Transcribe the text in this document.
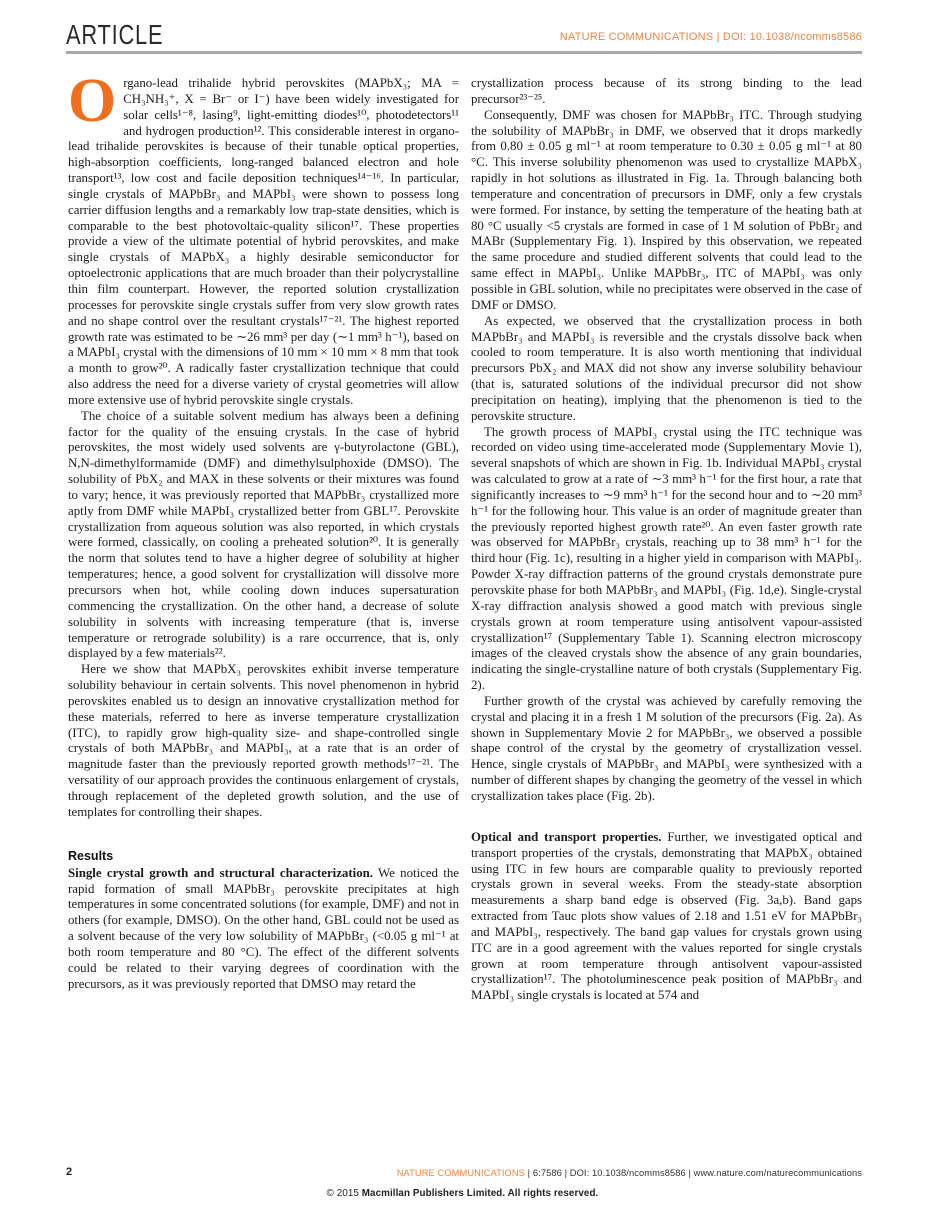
ARTICLE	NATURE COMMUNICATIONS | DOI: 10.1038/ncomms8586

Organo-lead trihalide hybrid perovskites (MAPbX₃; MA = CH₃NH₃⁺, X = Br⁻ or I⁻) have been widely investigated for solar cells¹⁻⁸, lasing⁹, light-emitting diodes¹⁰, photodetectors¹¹ and hydrogen production¹². This considerable interest in organo-lead trihalide perovskites is because of their tunable optical properties, high-absorption coefficients, long-ranged balanced electron and hole transport¹³, low cost and facile deposition techniques¹⁴⁻¹⁶. In particular, single crystals of MAPbBr₃ and MAPbI₃ were shown to possess long carrier diffusion lengths and a remarkably low trap-state densities, which is comparable to the best photovoltaic-quality silicon¹⁷. These properties provide a view of the ultimate potential of hybrid perovskites, and make single crystals of MAPbX₃ a highly desirable semiconductor for optoelectronic applications that are much broader than their polycrystalline thin film counterpart. However, the reported solution crystallization processes for perovskite single crystals suffer from very slow growth rates and no shape control over the resultant crystals¹⁷⁻²¹. The highest reported growth rate was estimated to be ∼26 mm³ per day (∼1 mm³ h⁻¹), based on a MAPbI₃ crystal with the dimensions of 10 mm × 10 mm × 8 mm that took a month to grow²⁰. A radically faster crystallization technique that could also address the need for a diverse variety of crystal geometries will allow more extensive use of hybrid perovskite single crystals.

The choice of a suitable solvent medium has always been a defining factor for the quality of the ensuing crystals. In the case of hybrid perovskites, the most widely used solvents are γ-butyrolactone (GBL), N,N-dimethylformamide (DMF) and dimethylsulphoxide (DMSO). The solubility of PbX₂ and MAX in these solvents or their mixtures was found to vary; hence, it was previously reported that MAPbBr₃ crystallized more aptly from DMF while MAPbI₃ crystallized better from GBL¹⁷. Perovskite crystallization from aqueous solution was also reported, in which crystals were formed, classically, on cooling a preheated solution²⁰. It is generally the norm that solutes tend to have a higher degree of solubility at higher temperatures; hence, a good solvent for crystallization will dissolve more precursors when hot, while cooling down induces supersaturation commencing the crystallization. On the other hand, a decrease of solute solubility in solvents with increasing temperature (that is, inverse temperature or retrograde solubility) is a rare occurrence, that is, only displayed by a few materials²².

Here we show that MAPbX₃ perovskites exhibit inverse temperature solubility behaviour in certain solvents. This novel phenomenon in hybrid perovskites enabled us to design an innovative crystallization method for these materials, referred to here as inverse temperature crystallization (ITC), to rapidly grow high-quality size- and shape-controlled single crystals of both MAPbBr₃ and MAPbI₃, at a rate that is an order of magnitude faster than the previously reported growth methods¹⁷⁻²¹. The versatility of our approach provides the continuous enlargement of crystals, through replacement of the depleted growth solution, and the use of templates for controlling their shapes.

Results

Single crystal growth and structural characterization. We noticed the rapid formation of small MAPbBr₃ perovskite precipitates at high temperatures in some concentrated solutions (for example, DMF) and not in others (for example, DMSO). On the other hand, GBL could not be used as a solvent because of the very low solubility of MAPbBr₃ (<0.05 g ml⁻¹ at both room temperature and 80 °C). The effect of the different solvents could be related to their varying degrees of coordination with the precursors, as it was previously reported that DMSO may retard the

crystallization process because of its strong binding to the lead precursor²³⁻²⁵.

Consequently, DMF was chosen for MAPbBr₃ ITC. Through studying the solubility of MAPbBr₃ in DMF, we observed that it drops markedly from 0.80 ± 0.05 g ml⁻¹ at room temperature to 0.30 ± 0.05 g ml⁻¹ at 80 °C. This inverse solubility phenomenon was used to crystallize MAPbX₃ rapidly in hot solutions as illustrated in Fig. 1a. Through balancing both temperature and concentration of precursors in DMF, only a few crystals were formed. For instance, by setting the temperature of the heating bath at 80 °C usually <5 crystals are formed in case of 1 M solution of PbBr₂ and MABr (Supplementary Fig. 1). Inspired by this observation, we repeated the same procedure and studied different solvents that could lead to the same effect in MAPbI₃. Unlike MAPbBr₃, ITC of MAPbI₃ was only possible in GBL solution, while no precipitates were observed in the case of DMF or DMSO.

As expected, we observed that the crystallization process in both MAPbBr₃ and MAPbI₃ is reversible and the crystals dissolve back when cooled to room temperature. It is also worth mentioning that individual precursors PbX₂ and MAX did not show any inverse solubility behaviour (that is, saturated solutions of the individual precursor did not show precipitation on heating), implying that the phenomenon is tied to the perovskite structure.

The growth process of MAPbI₃ crystal using the ITC technique was recorded on video using time-accelerated mode (Supplementary Movie 1), several snapshots of which are shown in Fig. 1b. Individual MAPbI₃ crystal was calculated to grow at a rate of ∼3 mm³ h⁻¹ for the first hour, a rate that significantly increases to ∼9 mm³ h⁻¹ for the second hour and to ∼20 mm³ h⁻¹ for the following hour. This value is an order of magnitude greater than the previously reported highest growth rate²⁰. An even faster growth rate was observed for MAPbBr₃ crystals, reaching up to 38 mm³ h⁻¹ for the third hour (Fig. 1c), resulting in a higher yield in comparison with MAPbI₃. Powder X-ray diffraction patterns of the ground crystals demonstrate pure perovskite phase for both MAPbBr₃ and MAPbI₃ (Fig. 1d,e). Single-crystal X-ray diffraction analysis showed a good match with previous single crystals grown at room temperature using antisolvent vapour-assisted crystallization¹⁷ (Supplementary Table 1). Scanning electron microscopy images of the cleaved crystals show the absence of any grain boundaries, indicating the single-crystalline nature of both crystals (Supplementary Fig. 2).

Further growth of the crystal was achieved by carefully removing the crystal and placing it in a fresh 1 M solution of the precursors (Fig. 2a). As shown in Supplementary Movie 2 for MAPbBr₃, we observed a possible shape control of the crystal by the geometry of crystallization vessel. Hence, single crystals of MAPbBr₃ and MAPbI₃ were synthesized with a number of different shapes by changing the geometry of the vessel in which crystallization takes place (Fig. 2b).

Optical and transport properties. Further, we investigated optical and transport properties of the crystals, demonstrating that MAPbX₃ obtained using ITC in few hours are comparable quality to previously reported crystals grown in several weeks. From the steady-state absorption measurements a sharp band edge is observed (Fig. 3a,b). Band gaps extracted from Tauc plots show values of 2.18 and 1.51 eV for MAPbBr₃ and MAPbI₃, respectively. The band gap values for crystals grown using ITC are in a good agreement with the values reported for single crystals grown at room temperature through antisolvent vapour-assisted crystallization¹⁷. The photoluminescence peak position of MAPbBr₃ and MAPbI₃ single crystals is located at 574 and

2	NATURE COMMUNICATIONS | 6:7586 | DOI: 10.1038/ncomms8586 | www.nature.com/naturecommunications
© 2015 Macmillan Publishers Limited. All rights reserved.
